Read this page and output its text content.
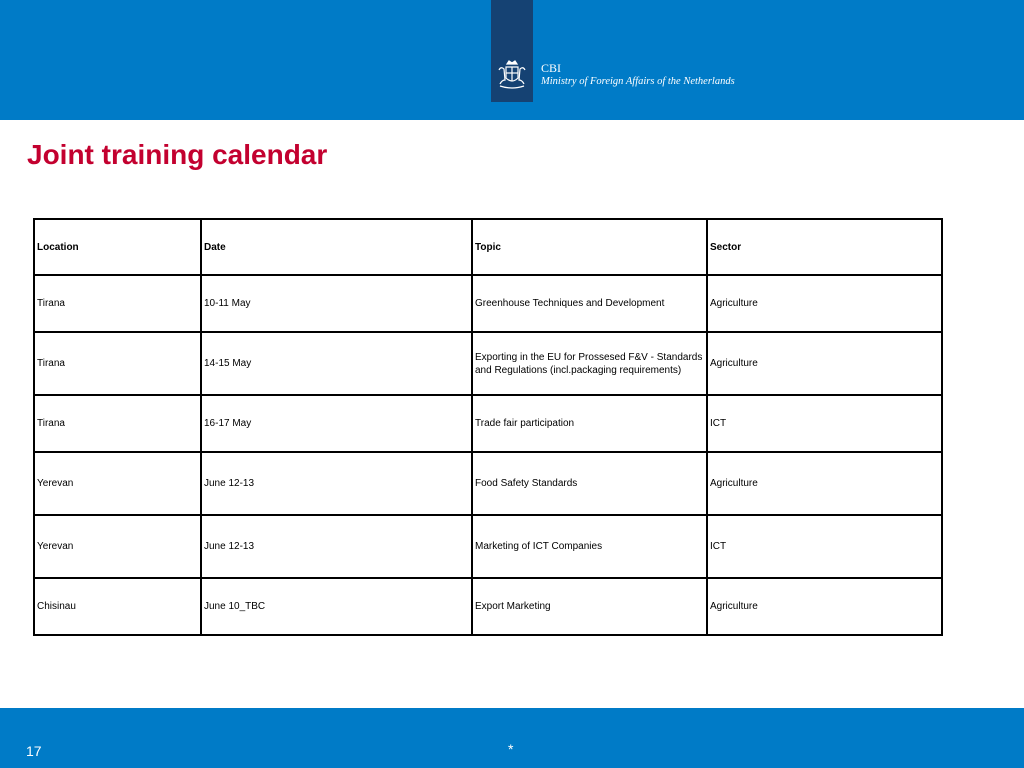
CBI
Ministry of Foreign Affairs of the Netherlands
Joint training calendar
Location	Date	Topic	Sector
Tirana	10-11 May	Greenhouse Techniques and Development	Agriculture
Tirana	14-15 May	Exporting in the EU for Prossesed F&V - Standards and Regulations (incl.packaging requirements)	Agriculture
Tirana	16-17 May	Trade fair participation	ICT
Yerevan	June 12-13	Food Safety Standards	Agriculture
Yerevan	June 12-13	Marketing of ICT Companies	ICT
Chisinau	June 10_TBC	Export Marketing	Agriculture
17	*
